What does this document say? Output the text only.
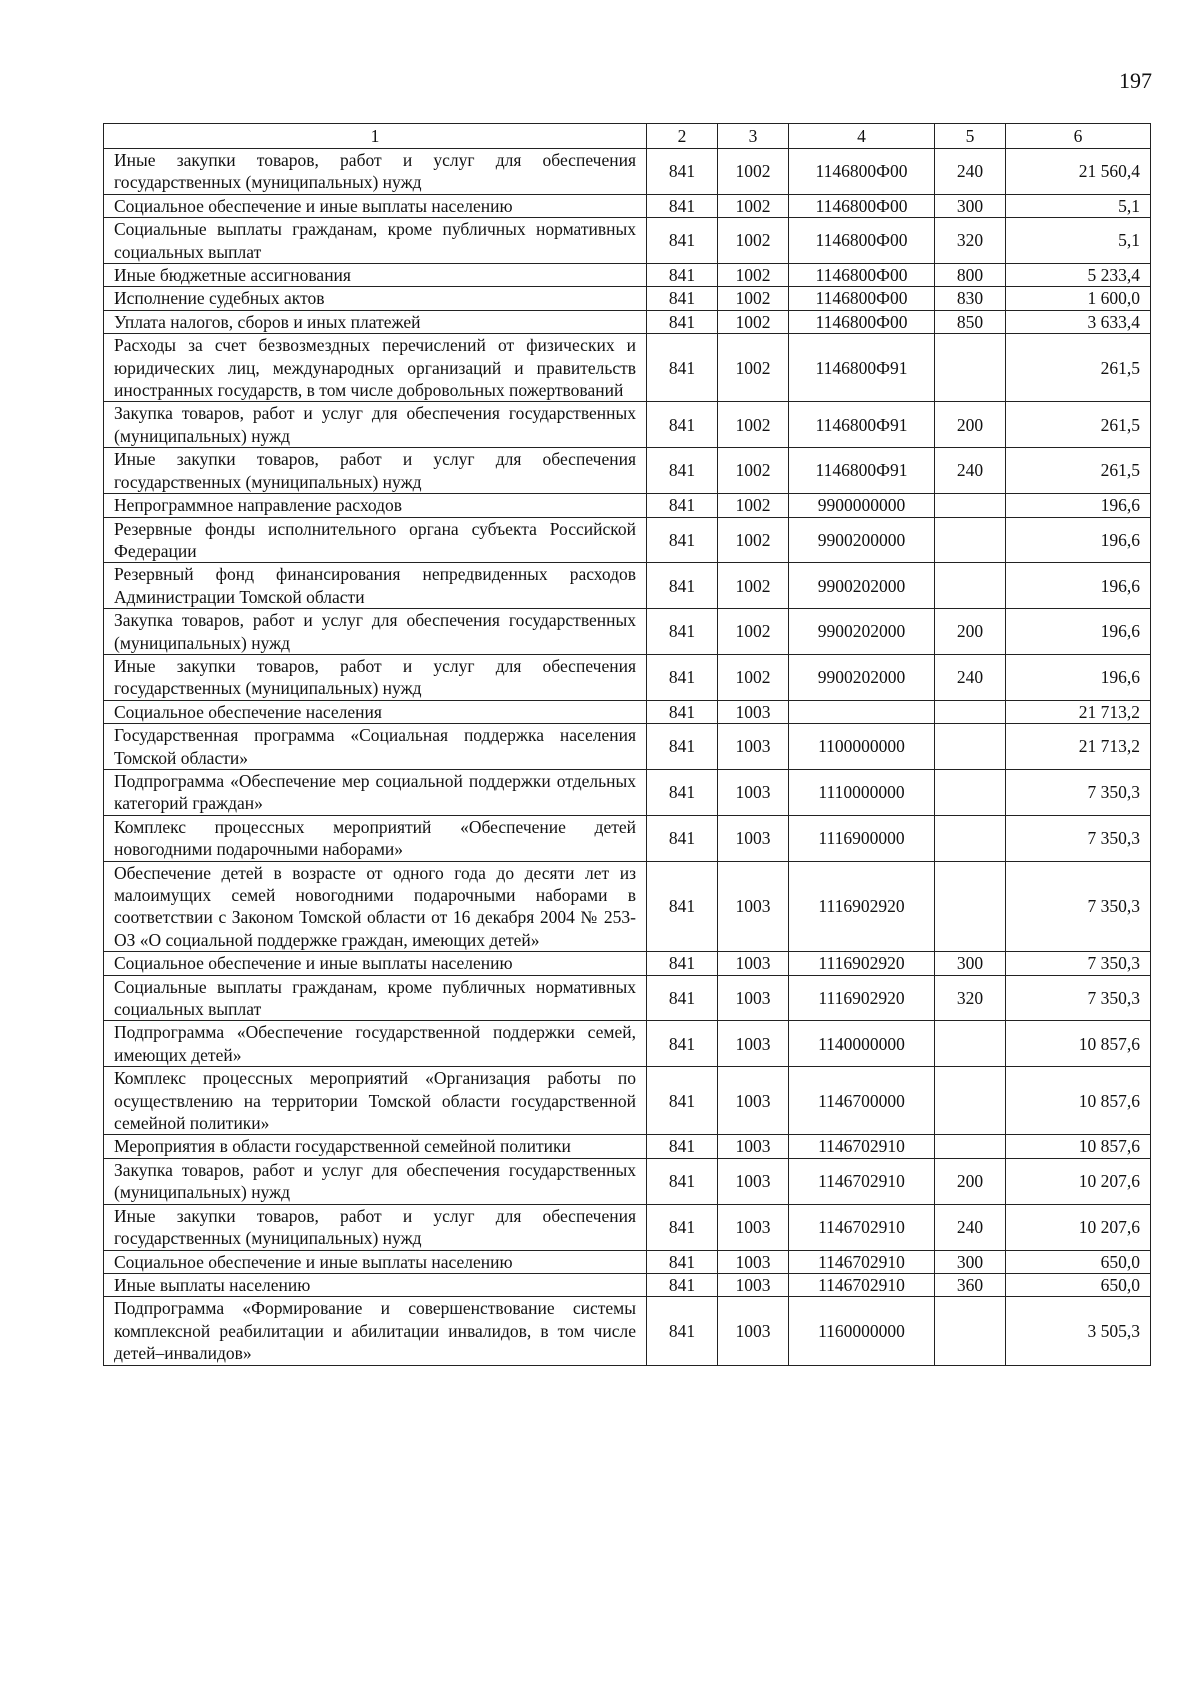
197
1	2	3	4	5	6
Иные закупки товаров, работ и услуг для обеспечения государственных (муниципальных) нужд	841	1002	1146800Ф00	240	21 560,4
Социальное обеспечение и иные выплаты населению	841	1002	1146800Ф00	300	5,1
Социальные выплаты гражданам, кроме публичных нормативных социальных выплат	841	1002	1146800Ф00	320	5,1
Иные бюджетные ассигнования	841	1002	1146800Ф00	800	5 233,4
Исполнение судебных актов	841	1002	1146800Ф00	830	1 600,0
Уплата налогов, сборов и иных платежей	841	1002	1146800Ф00	850	3 633,4
Расходы за счет безвозмездных перечислений от физических и юридических лиц, международных организаций и правительств иностранных государств, в том числе добровольных пожертвований	841	1002	1146800Ф91		261,5
Закупка товаров, работ и услуг для обеспечения государственных (муниципальных) нужд	841	1002	1146800Ф91	200	261,5
Иные закупки товаров, работ и услуг для обеспечения государственных (муниципальных) нужд	841	1002	1146800Ф91	240	261,5
Непрограммное направление расходов	841	1002	9900000000		196,6
Резервные фонды исполнительного органа субъекта Российской Федерации	841	1002	9900200000		196,6
Резервный фонд финансирования непредвиденных расходов Администрации Томской области	841	1002	9900202000		196,6
Закупка товаров, работ и услуг для обеспечения государственных (муниципальных) нужд	841	1002	9900202000	200	196,6
Иные закупки товаров, работ и услуг для обеспечения государственных (муниципальных) нужд	841	1002	9900202000	240	196,6
Социальное обеспечение населения	841	1003			21 713,2
Государственная программа «Социальная поддержка населения Томской области»	841	1003	1100000000		21 713,2
Подпрограмма «Обеспечение мер социальной поддержки отдельных категорий граждан»	841	1003	1110000000		7 350,3
Комплекс процессных мероприятий «Обеспечение детей новогодними подарочными наборами»	841	1003	1116900000		7 350,3
Обеспечение детей в возрасте от одного года до десяти лет из малоимущих семей новогодними подарочными наборами в соответствии с Законом Томской области от 16 декабря 2004 № 253-ОЗ «О социальной поддержке граждан, имеющих детей»	841	1003	1116902920		7 350,3
Социальное обеспечение и иные выплаты населению	841	1003	1116902920	300	7 350,3
Социальные выплаты гражданам, кроме публичных нормативных социальных выплат	841	1003	1116902920	320	7 350,3
Подпрограмма «Обеспечение государственной поддержки семей, имеющих детей»	841	1003	1140000000		10 857,6
Комплекс процессных мероприятий «Организация работы по осуществлению на территории Томской области государственной семейной политики»	841	1003	1146700000		10 857,6
Мероприятия в области государственной семейной политики	841	1003	1146702910		10 857,6
Закупка товаров, работ и услуг для обеспечения государственных (муниципальных) нужд	841	1003	1146702910	200	10 207,6
Иные закупки товаров, работ и услуг для обеспечения государственных (муниципальных) нужд	841	1003	1146702910	240	10 207,6
Социальное обеспечение и иные выплаты населению	841	1003	1146702910	300	650,0
Иные выплаты населению	841	1003	1146702910	360	650,0
Подпрограмма «Формирование и совершенствование системы комплексной реабилитации и абилитации инвалидов, в том числе детей–инвалидов»	841	1003	1160000000		3 505,3
